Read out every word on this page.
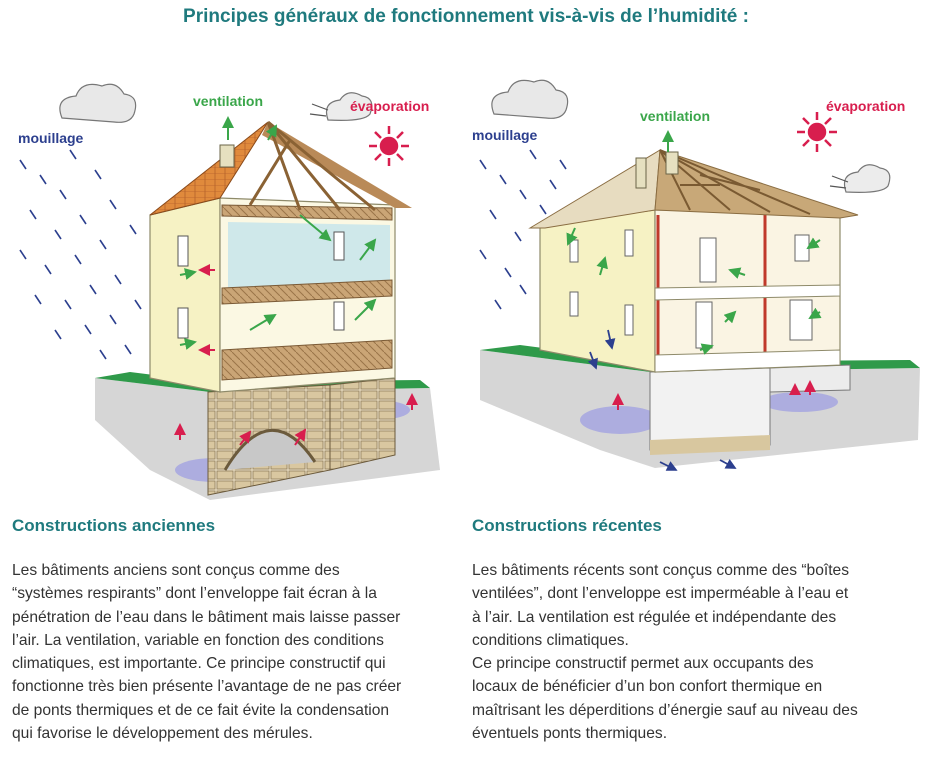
Principes généraux de fonctionnement vis-à-vis de l’humidité :
mouillage
ventilation	évaporation
mouillage
ventilation
évaporation
Constructions anciennes	Constructions récentes
Les bâtiments anciens sont conçus comme des
“systèmes respirants” dont l’enveloppe fait écran à la
pénétration de l’eau dans le bâtiment mais laisse passer
l’air. La ventilation, variable en fonction des conditions
climatiques, est importante. Ce principe constructif qui
fonctionne très bien présente l’avantage de ne pas créer
de ponts thermiques et de ce fait évite la condensation
qui favorise le développement des mérules.
Les bâtiments récents sont conçus comme des “boîtes
ventilées”, dont l’enveloppe est imperméable à l’eau et
à l’air. La ventilation est régulée et indépendante des
conditions climatiques.
Ce principe constructif permet aux occupants des
locaux de bénéficier d’un bon confort thermique en
maîtrisant les déperditions d’énergie sauf au niveau des
éventuels ponts thermiques.
